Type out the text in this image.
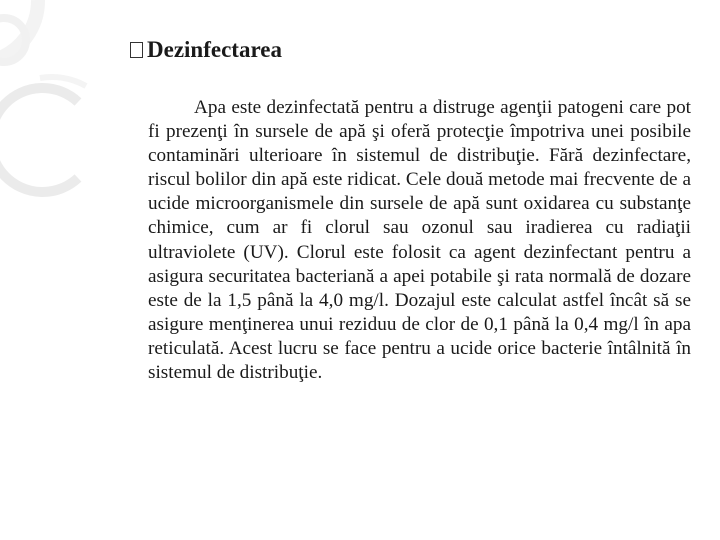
Dezinfectarea

Apa este dezinfectată pentru a distruge agenţii patogeni care pot fi prezenţi în sursele de apă şi oferă protecţie împotriva unei posibile contaminări ulterioare în sistemul de distribuţie. Fără dezinfectare, riscul bolilor din apă este ridicat. Cele două metode mai frecvente de a ucide microorganismele din sursele de apă sunt oxidarea cu substanţe chimice, cum ar fi clorul sau ozonul sau iradierea cu radiaţii ultraviolete (UV). Clorul este folosit ca agent dezinfectant pentru a asigura securitatea bacteriană a apei potabile şi rata normală de dozare este de la 1,5 până la 4,0 mg/l. Dozajul este calculat astfel încât să se asigure menţinerea unui reziduu de clor de 0,1 până la 0,4 mg/l în apa reticulată. Acest lucru se face pentru a ucide orice bacterie întâlnită în sistemul de distribuţie.
